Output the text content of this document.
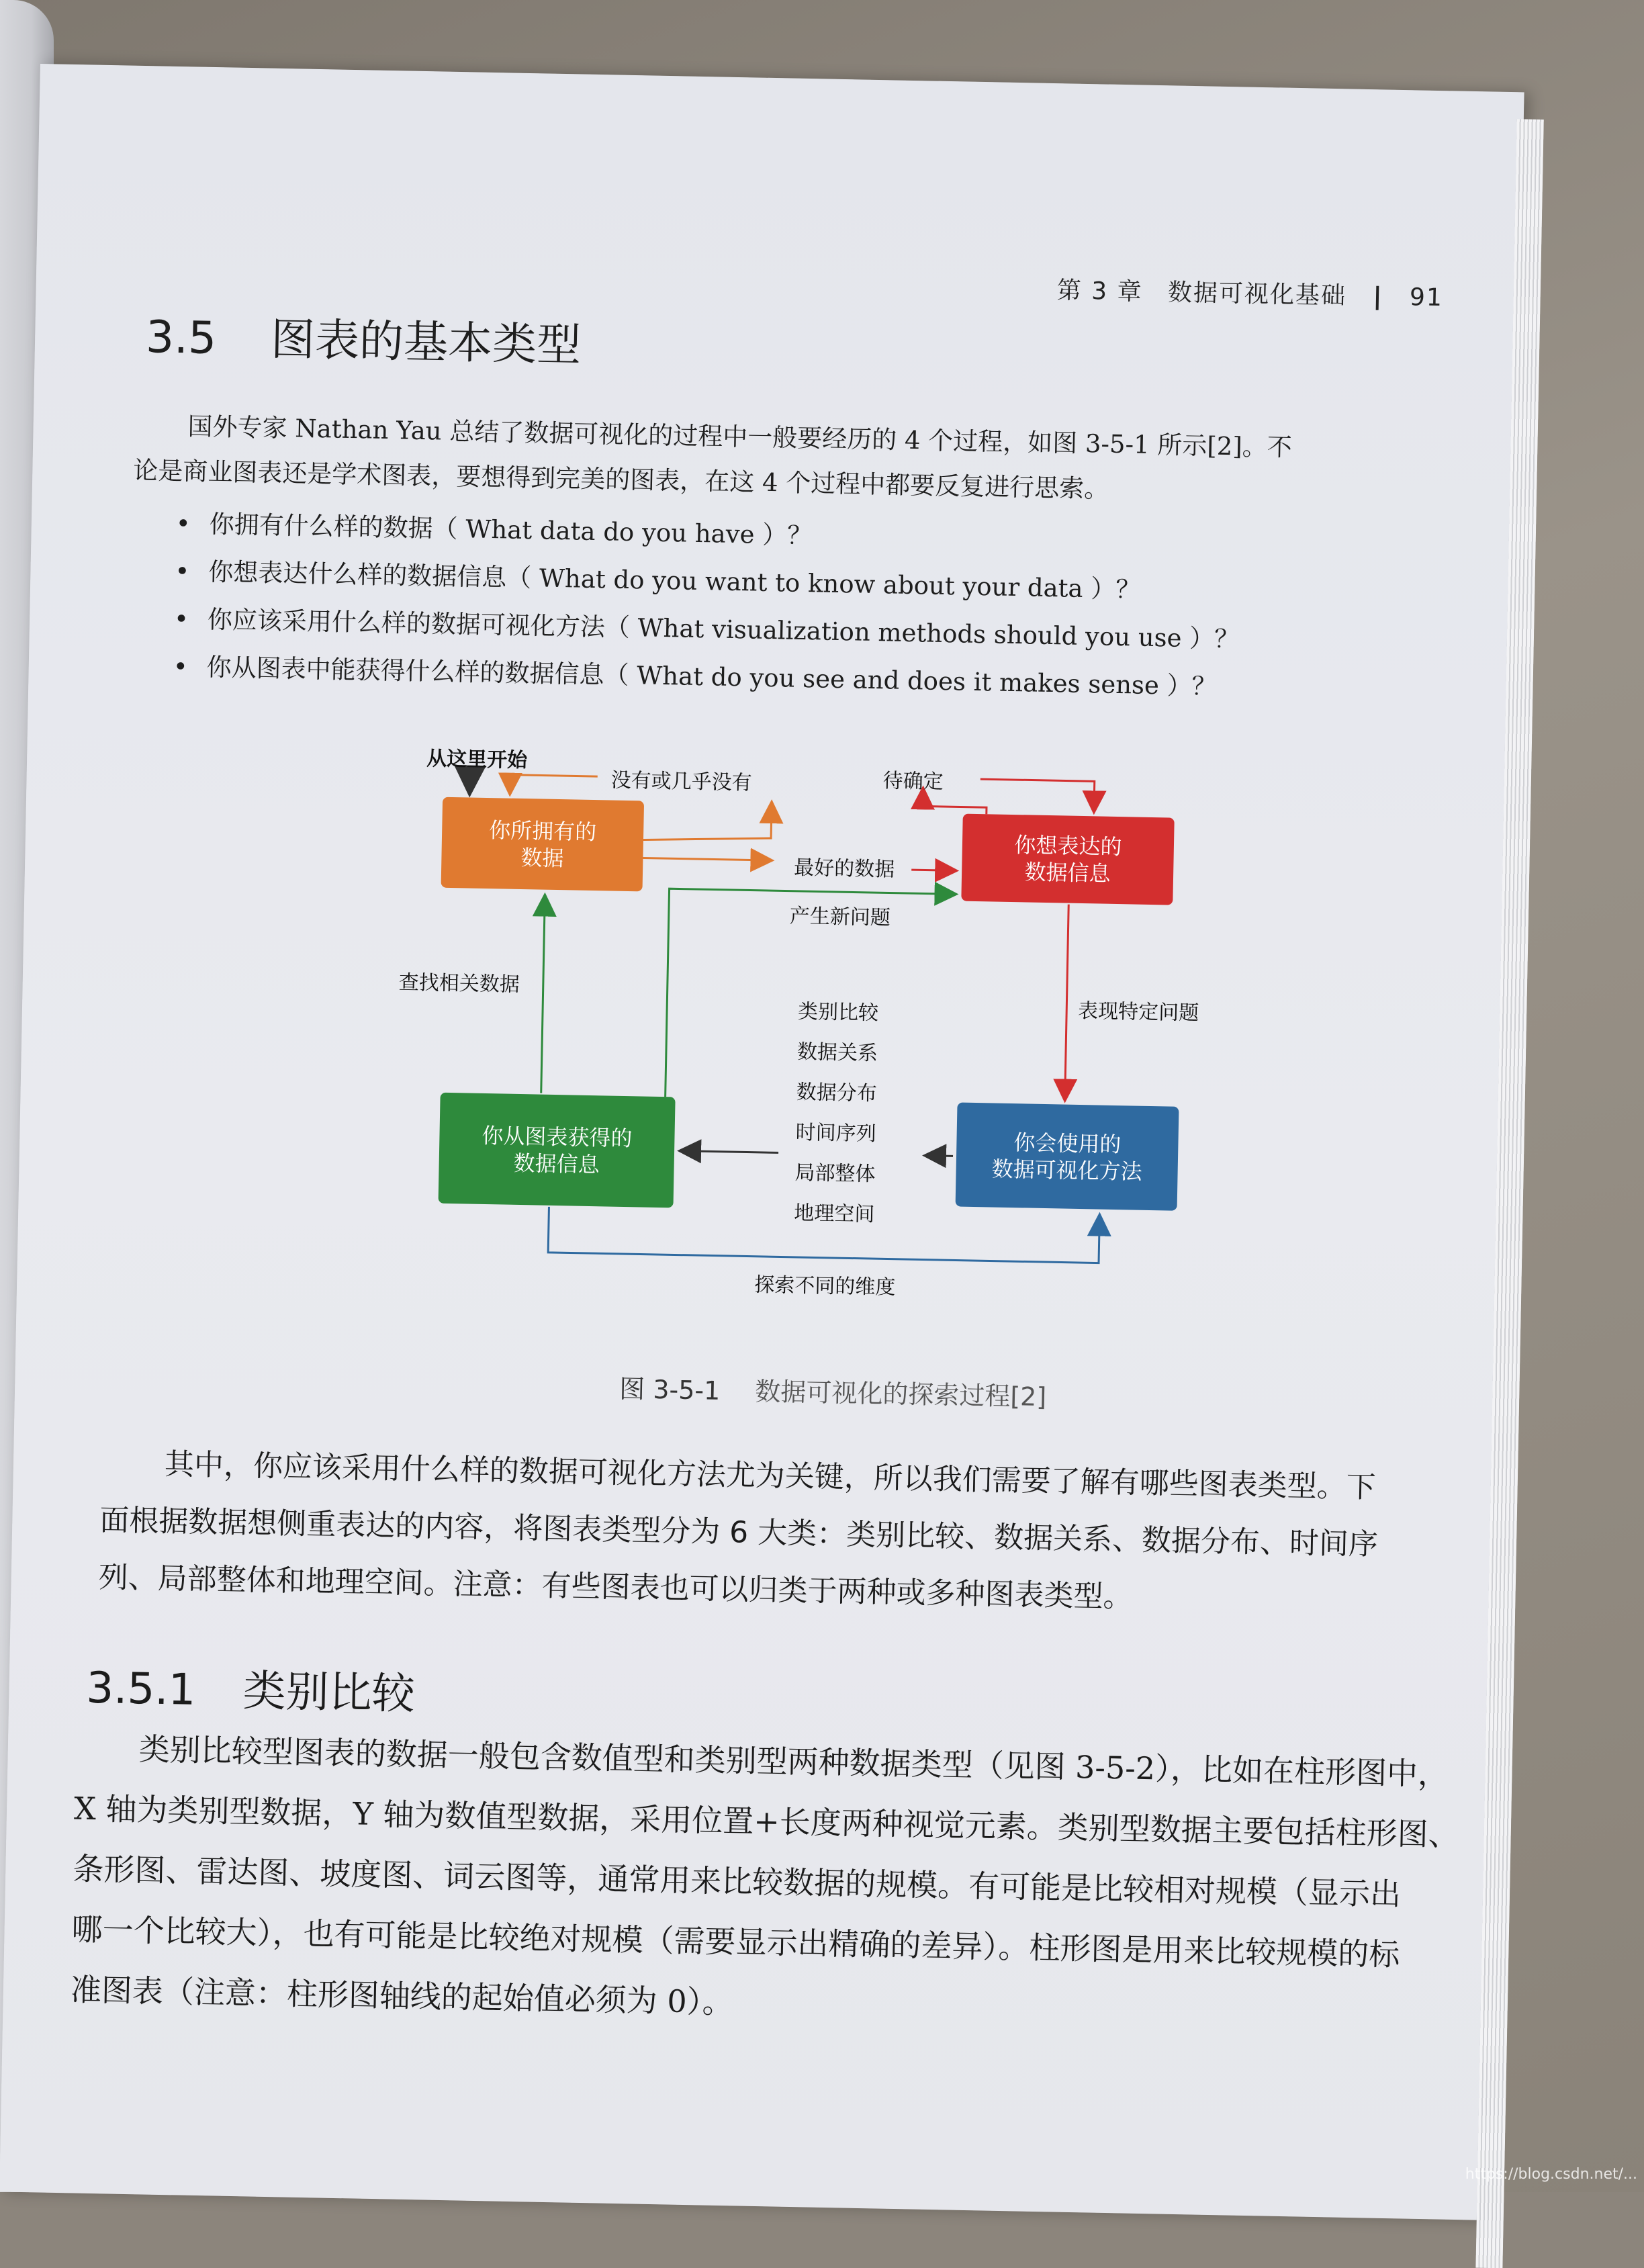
第 3 章 数据可视化基础 | 91
3.5 图表的基本类型
国外专家 Nathan Yau 总结了数据可视化的过程中一般要经历的 4 个过程，如图 3-5-1 所示[2]。不
论是商业图表还是学术图表，要想得到完美的图表，在这 4 个过程中都要反复进行思索。
• 你拥有什么样的数据（ What data do you have ）？
• 你想表达什么样的数据信息（ What do you want to know about your data ）？
• 你应该采用什么样的数据可视化方法（ What visualization methods should you use ）？
• 你从图表中能获得什么样的数据信息（ What do you see and does it makes sense ）？
从这里开始
没有或几乎没有	待确定
最好的数据
产生新问题
查找相关数据
表现特定问题
探索不同的维度
类别比较
数据关系
数据分布
时间序列
局部整体
地理空间
你所拥有的
数据	你想表达的
数据信息
你从图表获得的
数据信息
你会使用的
数据可视化方法
图 3-5-1 数据可视化的探索过程[2]
其中，你应该采用什么样的数据可视化方法尤为关键，所以我们需要了解有哪些图表类型。下
面根据数据想侧重表达的内容，将图表类型分为 6 大类：类别比较、数据关系、数据分布、时间序
列、局部整体和地理空间。注意：有些图表也可以归类于两种或多种图表类型。
3.5.1 类别比较
类别比较型图表的数据一般包含数值型和类别型两种数据类型（见图 3-5-2），比如在柱形图中，
X 轴为类别型数据，Y 轴为数值型数据，采用位置+长度两种视觉元素。类别型数据主要包括柱形图、
条形图、雷达图、坡度图、词云图等，通常用来比较数据的规模。有可能是比较相对规模（显示出
哪一个比较大），也有可能是比较绝对规模（需要显示出精确的差异）。柱形图是用来比较规模的标
准图表（注意：柱形图轴线的起始值必须为 0）。
https://blog.csdn.net/...
